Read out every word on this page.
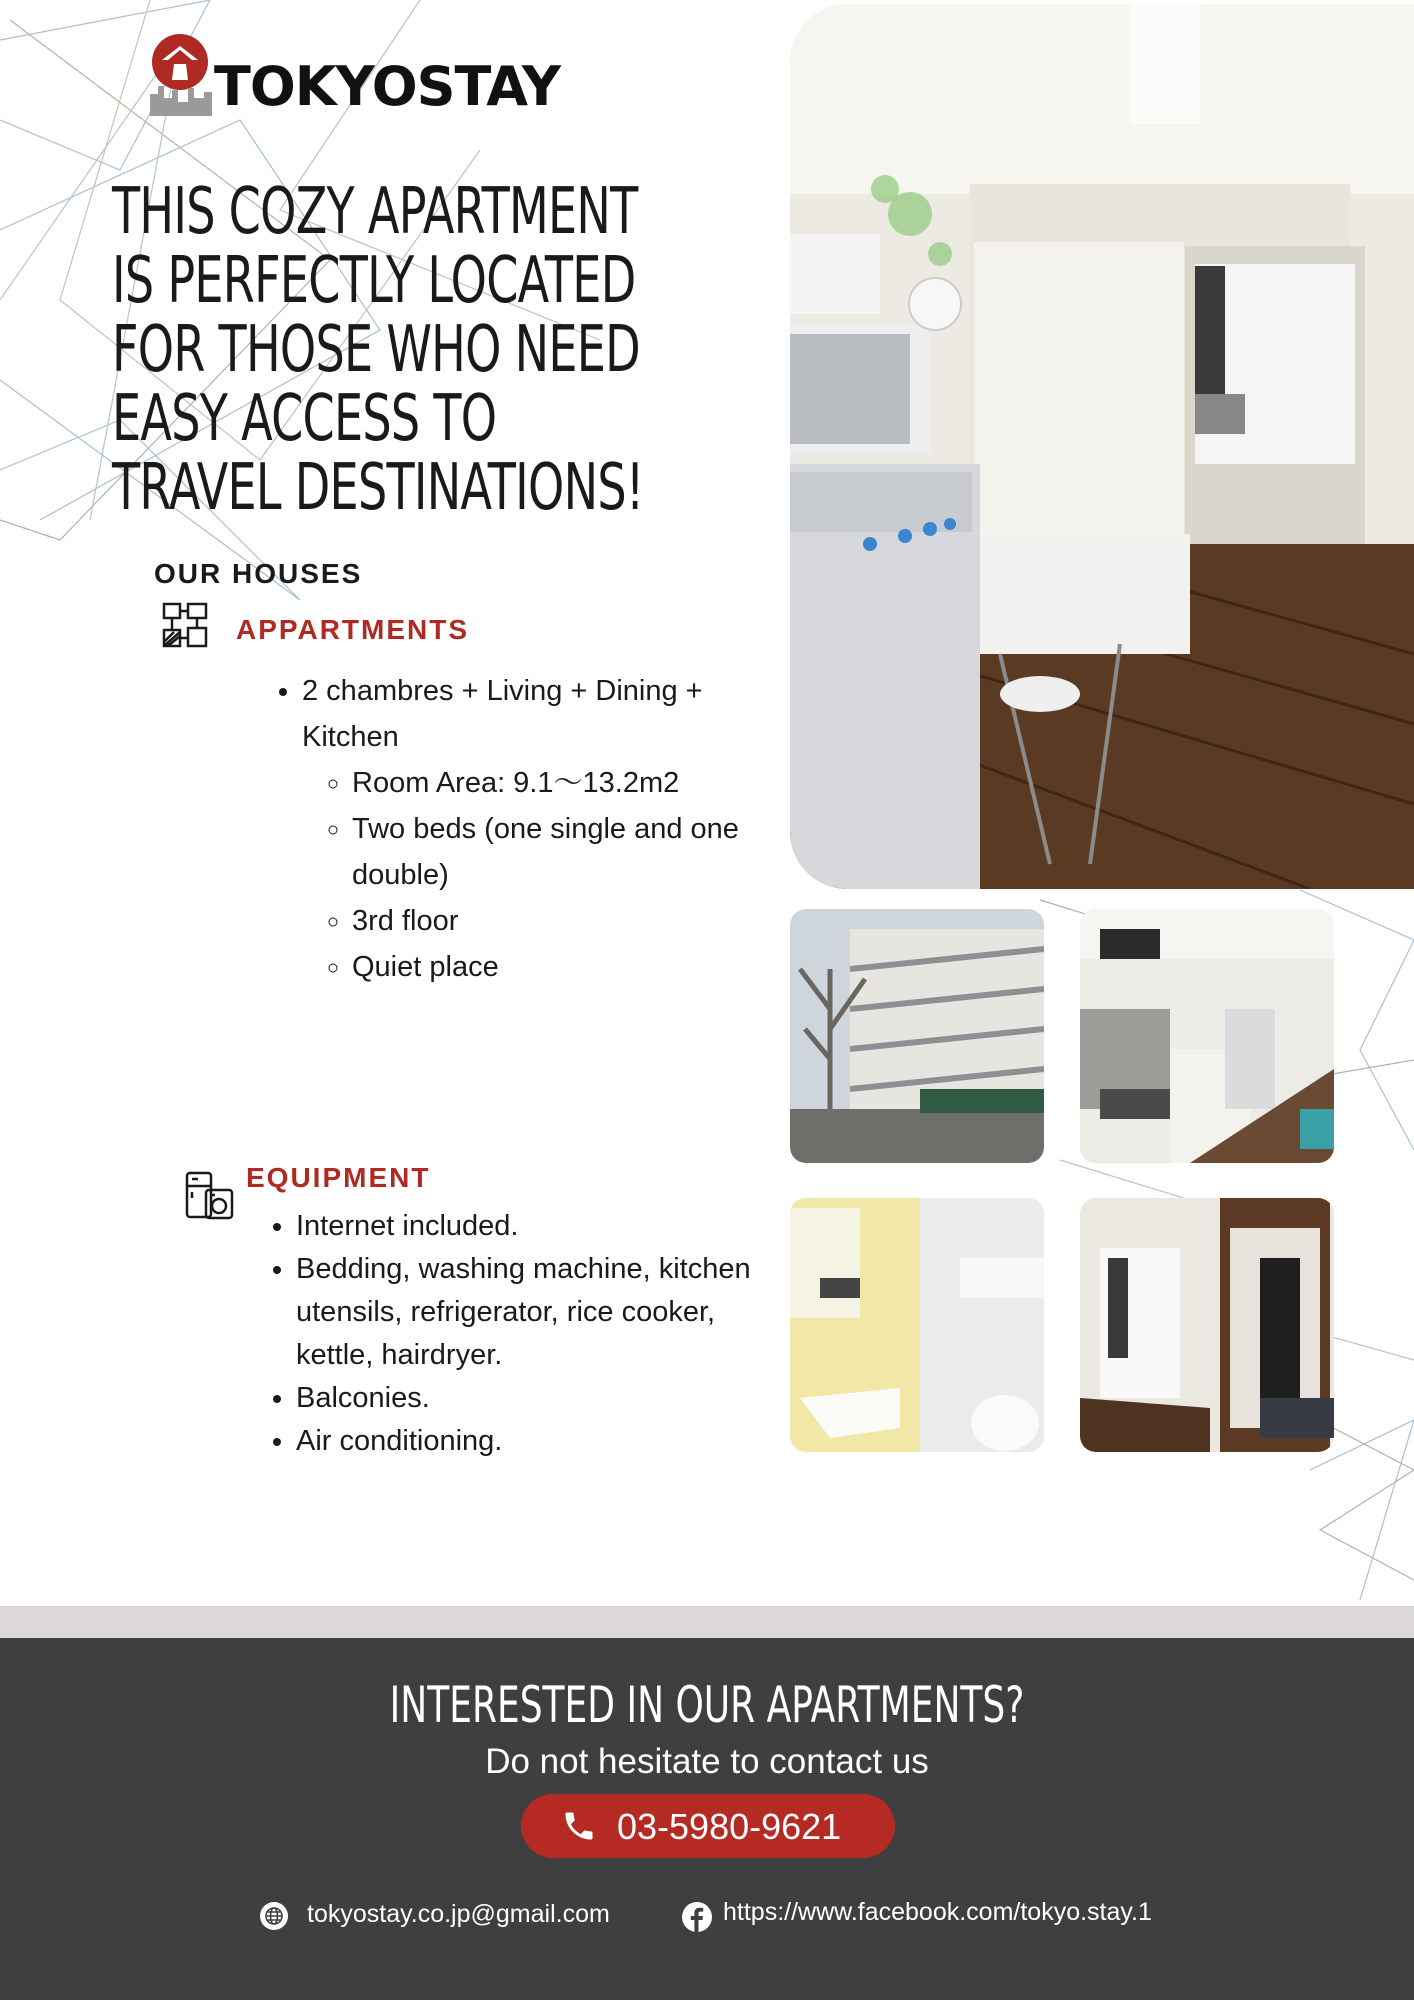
TOKYOSTAY
THIS COZY APARTMENT
IS PERFECTLY LOCATED
FOR THOSE WHO NEED
EASY ACCESS TO
TRAVEL DESTINATIONS!
OUR HOUSES
APPARTMENTS
• 2 chambres + Living + Dining + Kitchen
◦ Room Area: 9.1～13.2m2
◦ Two beds (one single and one double)
◦ 3rd floor
◦ Quiet place
EQUIPMENT
• Internet included.
• Bedding, washing machine, kitchen utensils, refrigerator, rice cooker, kettle, hairdryer.
• Balconies.
• Air conditioning.
INTERESTED IN OUR APARTMENTS?
Do not hesitate to contact us
03-5980-9621
tokyostay.co.jp@gmail.com	https://www.facebook.com/tokyo.stay.1
